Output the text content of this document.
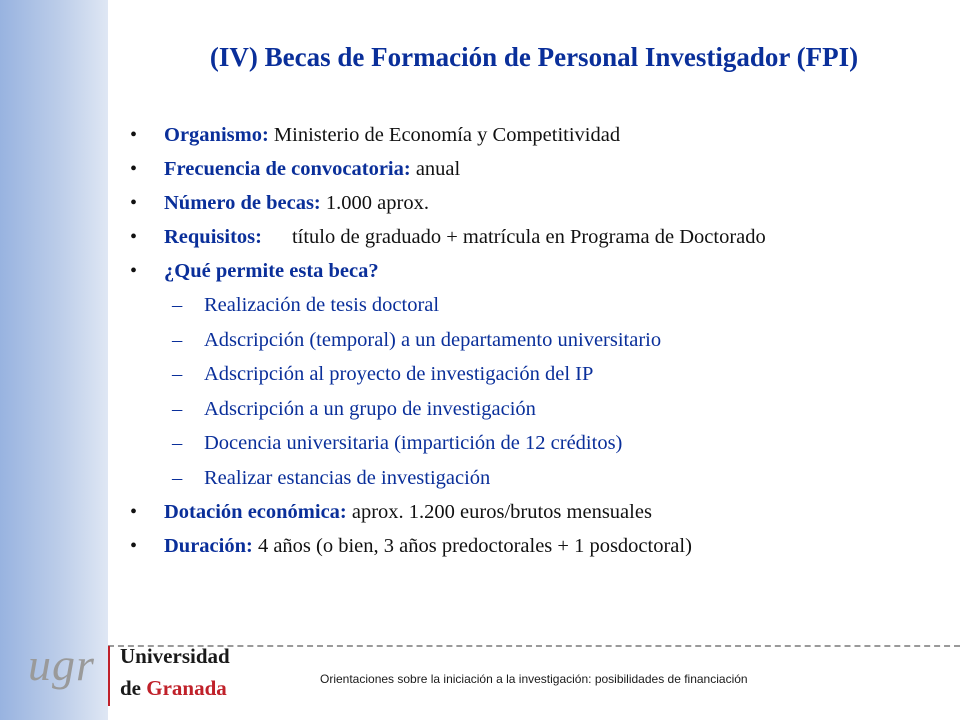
(IV) Becas de Formación de Personal Investigador (FPI)
• Organismo: Ministerio de Economía y Competitividad
• Frecuencia de convocatoria: anual
• Número de becas: 1.000 aprox.
• Requisitos: título de graduado + matrícula en Programa de Doctorado
• ¿Qué permite esta beca?
– Realización de tesis doctoral
– Adscripción (temporal) a un departamento universitario
– Adscripción al proyecto de investigación del IP
– Adscripción a un grupo de investigación
– Docencia universitaria (impartición de 12 créditos)
– Realizar estancias de investigación
• Dotación económica: aprox. 1.200 euros/brutos mensuales
• Duración: 4 años (o bien, 3 años predoctorales + 1 posdoctoral)
ugr Universidad
de Granada	Orientaciones sobre la iniciación a la investigación: posibilidades de financiación
